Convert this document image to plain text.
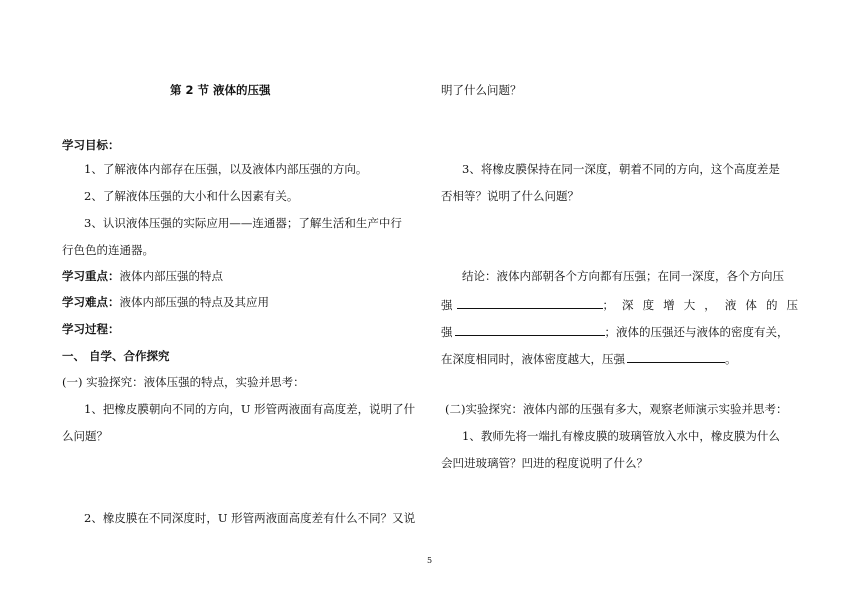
第 2 节 液体的压强
学习目标：
1、了解液体内部存在压强，以及液体内部压强的方向。
2、了解液体压强的大小和什么因素有关。
3、认识液体压强的实际应用——连通器；了解生活和生产中行
行色色的连通器。
学习重点：液体内部压强的特点
学习难点：液体内部压强的特点及其应用
学习过程：
一、 自学、合作探究
(一) 实验探究：液体压强的特点，实验并思考：
1、把橡皮膜朝向不同的方向，U 形管两液面有高度差，说明了什
么问题？
2、橡皮膜在不同深度时，U 形管两液面高度差有什么不同？又说
明了什么问题？
3、将橡皮膜保持在同一深度，朝着不同的方向，这个高度差是
否相等？说明了什么问题？
结论：液体内部朝各个方向都有压强；在同一深度，各个方向压
强	； 深 度 增 大 ， 液 体 的 压
强	；液体的压强还与液体的密度有关，
在深度相同时，液体密度越大，压强	。
(二)实验探究：液体内部的压强有多大，观察老师演示实验并思考：
1、教师先将一端扎有橡皮膜的玻璃管放入水中，橡皮膜为什么
会凹进玻璃管？凹进的程度说明了什么？
5
